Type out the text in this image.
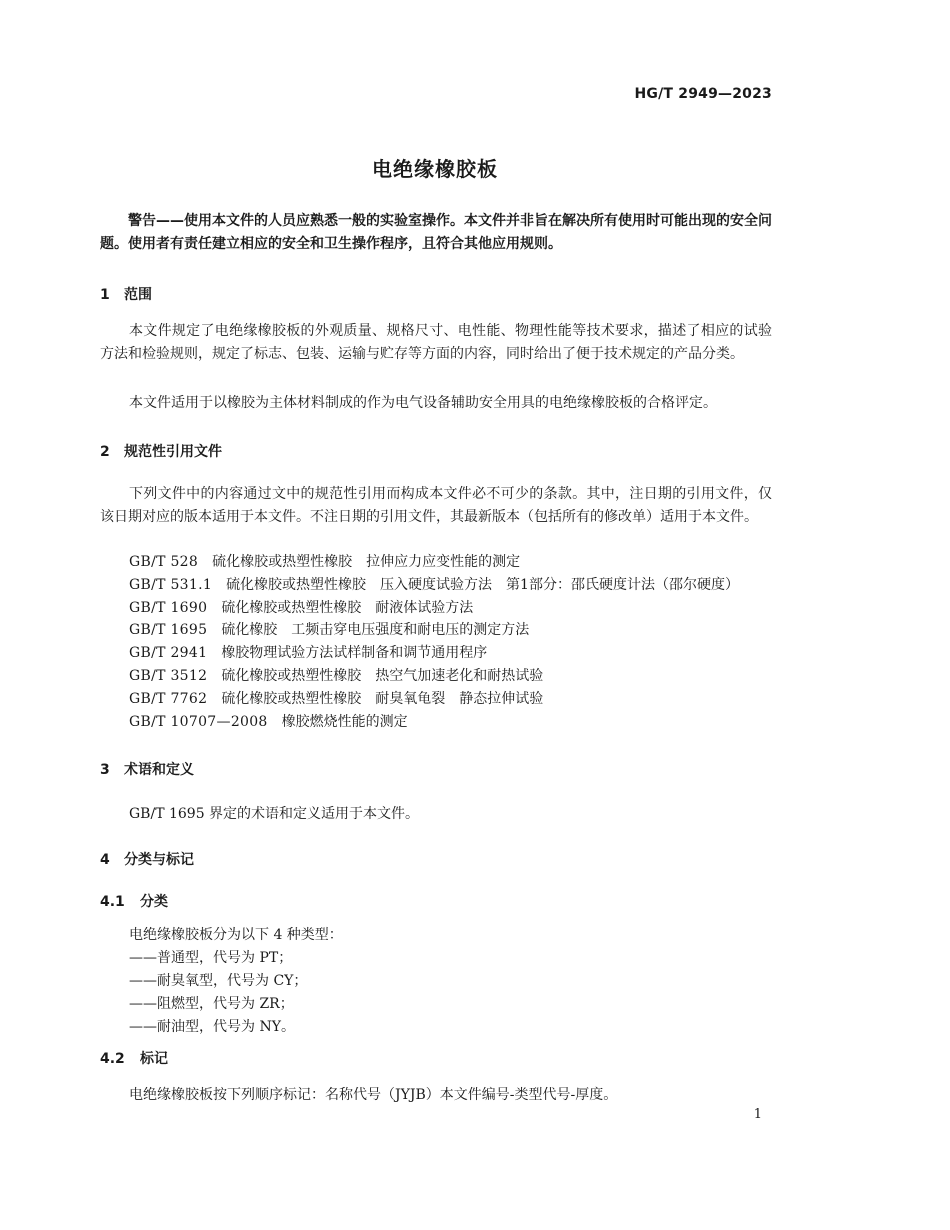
HG/T 2949—2023
电绝缘橡胶板
警告——使用本文件的人员应熟悉一般的实验室操作。本文件并非旨在解决所有使用时可能出现的安全问题。使用者有责任建立相应的安全和卫生操作程序，且符合其他应用规则。
1 范围
本文件规定了电绝缘橡胶板的外观质量、规格尺寸、电性能、物理性能等技术要求，描述了相应的试验方法和检验规则，规定了标志、包装、运输与贮存等方面的内容，同时给出了便于技术规定的产品分类。
本文件适用于以橡胶为主体材料制成的作为电气设备辅助安全用具的电绝缘橡胶板的合格评定。
2 规范性引用文件
下列文件中的内容通过文中的规范性引用而构成本文件必不可少的条款。其中，注日期的引用文件，仅该日期对应的版本适用于本文件。不注日期的引用文件，其最新版本（包括所有的修改单）适用于本文件。
GB/T 528 硫化橡胶或热塑性橡胶　拉伸应力应变性能的测定
GB/T 531.1 硫化橡胶或热塑性橡胶　压入硬度试验方法　第1部分：邵氏硬度计法（邵尔硬度）
GB/T 1690 硫化橡胶或热塑性橡胶　耐液体试验方法
GB/T 1695 硫化橡胶　工频击穿电压强度和耐电压的测定方法
GB/T 2941 橡胶物理试验方法试样制备和调节通用程序
GB/T 3512 硫化橡胶或热塑性橡胶　热空气加速老化和耐热试验
GB/T 7762 硫化橡胶或热塑性橡胶　耐臭氧龟裂　静态拉伸试验
GB/T 10707—2008 橡胶燃烧性能的测定
3 术语和定义
GB/T 1695 界定的术语和定义适用于本文件。
4 分类与标记
4.1 分类
电绝缘橡胶板分为以下 4 种类型：
——普通型，代号为 PT；
——耐臭氧型，代号为 CY；
——阻燃型，代号为 ZR；
——耐油型，代号为 NY。
4.2 标记
电绝缘橡胶板按下列顺序标记：名称代号（JYJB）本文件编号-类型代号-厚度。
1
